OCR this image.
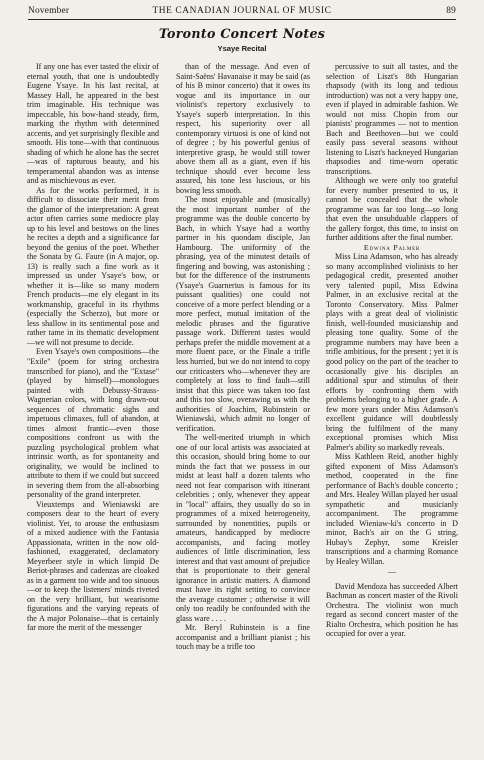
November	THE CANADIAN JOURNAL OF MUSIC	89
Toronto Concert Notes
Ysaye Recital

If any one has ever tasted the elixir of eternal youth, that one is undoubtedly Eugene Ysaye. In his last recital, at Massey Hall, he appeared in the best trim imaginable. His technique was impeccable, his bow-hand steady, firm, marking the rhythm with determined accents, and yet surprisingly flexible and smooth. His tone—with that continuous shading of which he alone has the secret—was of rapturous beauty, and his temperamental abandon was as intense and as mischievous as ever.

As for the works performed, it is difficult to dissociate their merit from the glamor of the interpretation: A great actor often carries some mediocre play up to his level and bestows on the lines he recites a depth and a significance far beyond the genius of the poet. Whether the Sonata by G. Faure (in A major, op. 13) is really such a fine work as it impressed us under Ysaye's bow, or whether it is—like so many modern French products—me ely elegant in its workmanship, graceful in its rhythms (especially the Scherzo), but more or less shallow in its sentimental pose and rather tame in its thematic development—we will not presume to decide.

Even Ysaye's own compositions—the "Exile" (poem for string orchestra transcribed for piano), and the "Extase" (played by himself)—monologues painted with Debussy-Strauss-Wagnerian colors, with long drawn-out sequences of chromatic sighs and impetuous climaxes, full of abandon, at times almost frantic—even those compositions confront us with the puzzling psychological problem what intrinsic worth, as for spontaneity and originality, we would be inclined to attribute to them if we could but succeed in severing them from the all-absorbing personality of the grand interpreter.

Vieuxtemps and Wieniawski are composers dear to the heart of every violinist. Yet, to arouse the enthusiasm of a mixed audience with the Fantasia Appassionata, written in the now old-fashioned, exaggerated, declamatory Meyerbeer style in which limpid De Beriot-phrases and cadenzas are cloaked as in a garment too wide and too sinuous—or to keep the listeners' minds riveted on the very brilliant, but wearisome figurations and the varying repeats of the A major Polonaise—that is certainly far more the merit of the messenger

than of the message. And even of Saint-Saëns' Havanaise it may be said (as of his B minor concerto) that it owes its vogue and its importance in our violinist's repertory exclusively to Ysaye's superb interpretation. In this respect, his superiority over all contemporary virtuosi is one of kind not of degree ; by his powerful genius of interpretive grasp, he would still tower above them all as a giant, even if his technique should ever become less assured, his tone less luscious, or his bowing less smooth.

The most enjoyable and (musically) the most important number of the programme was the double concerto by Bach, in which Ysaye had a worthy partner in his quondam disciple, Jan Hambourg. The uniformity of the phrasing, yea of the minutest details of fingering and bowing, was astonishing ; but for the difference of the instruments (Ysaye's Guarnerius is famous for its puissant qualities) one could not conceive of a more perfect blending or a more perfect, mutual imitation of the melodic phrases and the figurative passage work. Different tastes would perhaps prefer the middle movement at a more fluent pace, or the Finale a trifle less hurried, but we do not intend to copy our criticasters who—whenever they are completely at loss to find fault—still insist that this piece was taken too fast and this too slow, overawing us with the authorities of Joachim, Rubinstein or Wieniawski, which admit no longer of verification.

The well-merited triumph in which one of our local artists was associated at this occasion, should bring home to our minds the fact that we possess in our midst at least half a dozen talents who need not fear comparison with itinerant celebrities ; only, whenever they appear in "local" affairs, they usually do so in programmes of a mixed heterogeneity, surrounded by nonentities, pupils or amateurs, handicapped by mediocre accompanists, and facing motley audiences of little discrimination, less interest and that vast amount of prejudice that is proportionate to their general ignorance in artistic matters. A diamond must have its right setting to convince the average customer ; otherwise it will only too readily be confounded with the glass ware . . . .

Mr. Beryl Rubinstein is a fine accompanist and a brilliant pianist ; his touch may be a trifle too

percussive to suit all tastes, and the selection of Liszt's 8th Hungarian rhapsody (with its long and tedious introduction) was not a very happy one, even if played in admirable fashion. We would not miss Chopin from our pianists' programmes — not to mention Bach and Beethoven—but we could easily pass several seasons without listening to Liszt's hackneyed Hungarian rhapsodies and time-worn operatic transcriptions.

Although we were only too grateful for every number presented to us, it cannot be concealed that the whole programme was far too long—so long that even the unsubduable clappers of the gallery forgot, this time, to insist on further additions after the final number.

Edwina Palmer

Miss Lina Adamson, who has already so many accomplished violinists to her pedagogical credit, presented another very talented pupil, Miss Edwina Palmer, in an exclusive recital at the Toronto Conservatory. Miss Palmer plays with a great deal of violinistic finish, well-founded musicianship and pleasing tone quality. Some of the programme numbers may have been a trifle ambitious, for the present ; yet it is good policy on the part of the teacher to occasionally give his disciples an additional spur and stimulus of their efforts by confronting them with problems belonging to a higher grade. A few more years under Miss Adamson's excellent guidance will doubtlessly bring the fulfilment of the many exceptional promises which Miss Palmer's ability so markedly reveals.

Miss Kathleen Reid, another highly gifted exponent of Miss Adamson's method, cooperated in the fine performance of Bach's double concerto ; and Mrs. Healey Willan played her usual sympathetic and musicianly accompaniment. The programme included Wieniaw-ki's concerto in D minor, Bach's air on the G string, Hubay's Zephyr, some Kreisler transcriptions and a charming Romance by Healey Willan.

—

David Mendoza has succeeded Albert Bachman as concert master of the Rivoli Orchestra. The violinist won much regard as second concert master of the Rialto Orchestra, which position he has occupied for over a year.
